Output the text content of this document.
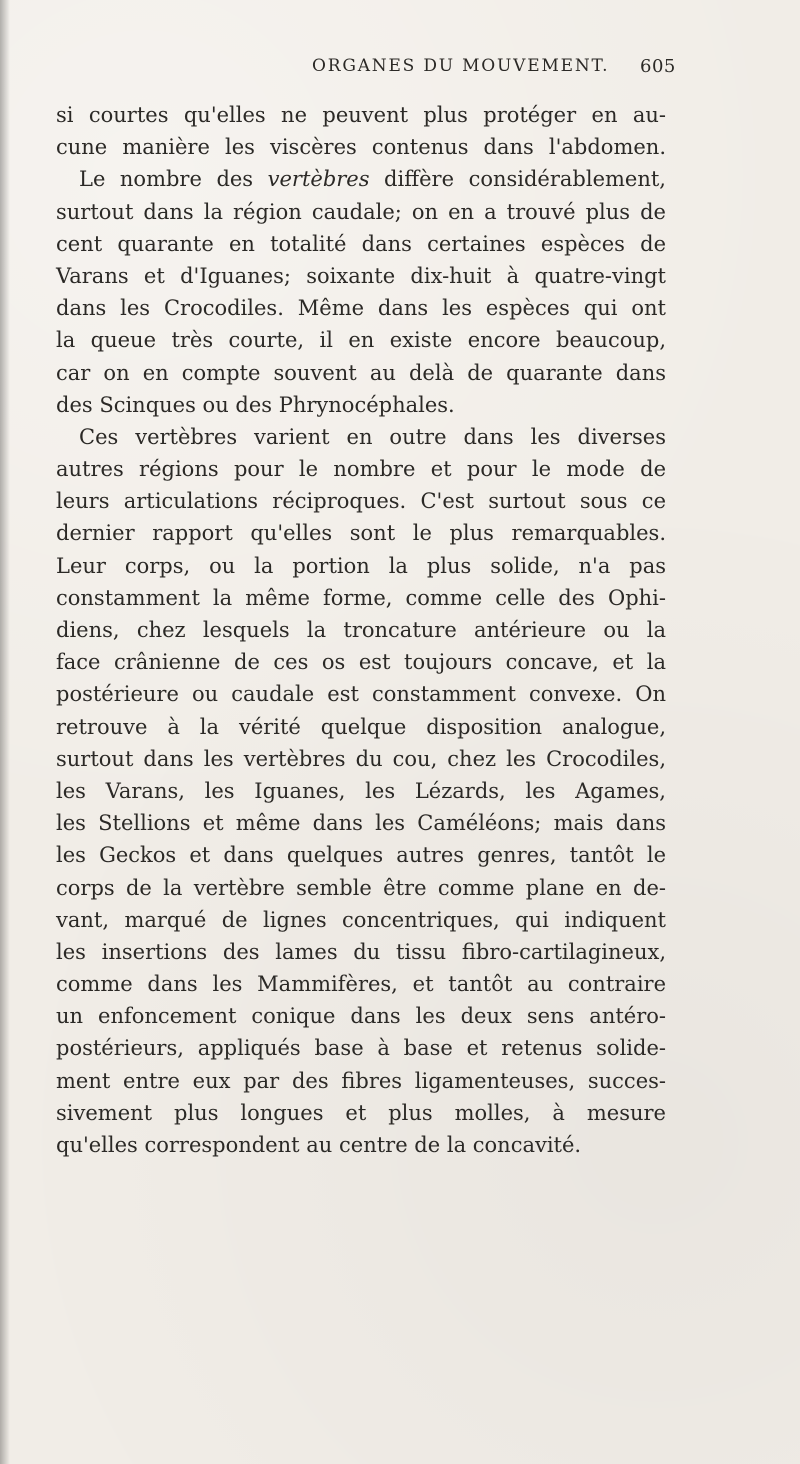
ORGANES DU MOUVEMENT. 605
si courtes qu'elles ne peuvent plus protéger en au-
cune manière les viscères contenus dans l'abdomen.
Le nombre des vertèbres diffère considérablement,
surtout dans la région caudale; on en a trouvé plus de
cent quarante en totalité dans certaines espèces de
Varans et d'Iguanes; soixante dix-huit à quatre-vingt
dans les Crocodiles. Même dans les espèces qui ont
la queue très courte, il en existe encore beaucoup,
car on en compte souvent au delà de quarante dans
des Scinques ou des Phrynocéphales.
Ces vertèbres varient en outre dans les diverses
autres régions pour le nombre et pour le mode de
leurs articulations réciproques. C'est surtout sous ce
dernier rapport qu'elles sont le plus remarquables.
Leur corps, ou la portion la plus solide, n'a pas
constamment la même forme, comme celle des Ophi-
diens, chez lesquels la troncature antérieure ou la
face crânienne de ces os est toujours concave, et la
postérieure ou caudale est constamment convexe. On
retrouve à la vérité quelque disposition analogue,
surtout dans les vertèbres du cou, chez les Crocodiles,
les Varans, les Iguanes, les Lézards, les Agames,
les Stellions et même dans les Caméléons; mais dans
les Geckos et dans quelques autres genres, tantôt le
corps de la vertèbre semble être comme plane en de-
vant, marqué de lignes concentriques, qui indiquent
les insertions des lames du tissu fibro-cartilagineux,
comme dans les Mammifères, et tantôt au contraire
un enfoncement conique dans les deux sens antéro-
postérieurs, appliqués base à base et retenus solide-
ment entre eux par des fibres ligamenteuses, succes-
sivement plus longues et plus molles, à mesure
qu'elles correspondent au centre de la concavité.
